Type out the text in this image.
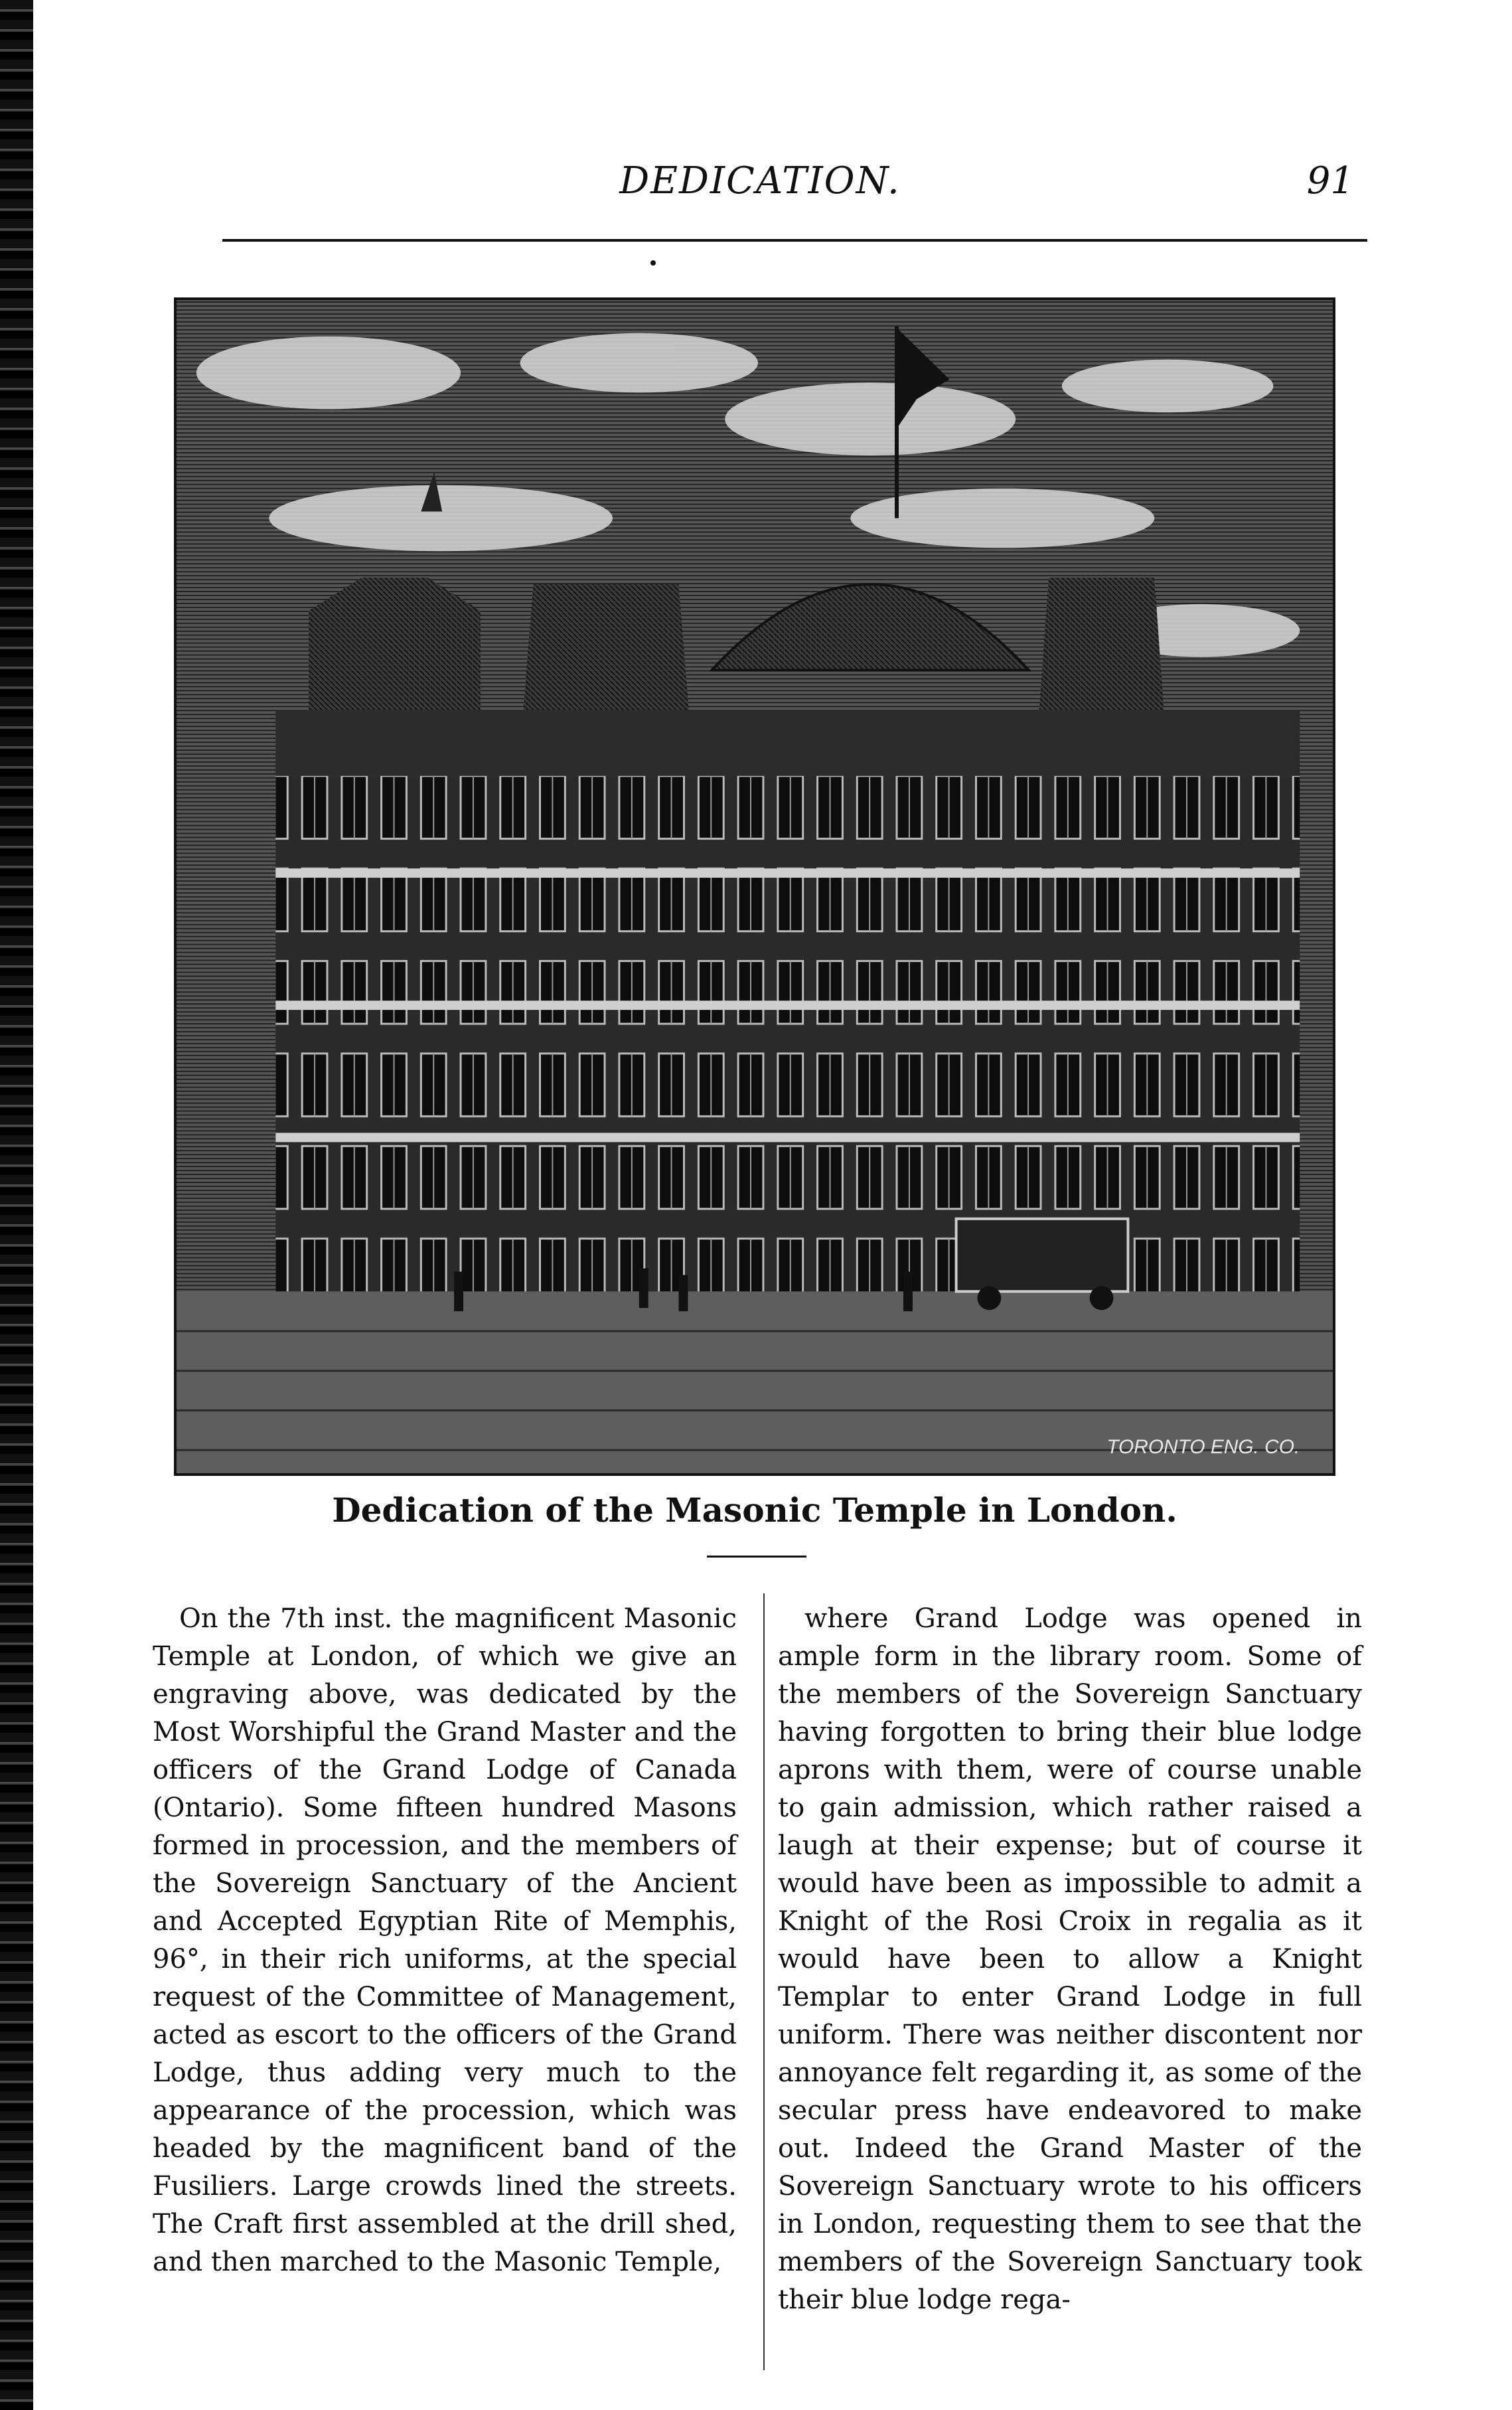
DEDICATION.	91
TORONTO ENG. CO.
Dedication of the Masonic Temple in London.

On the 7th inst. the magnificent Masonic Temple at London, of which we give an engraving above, was dedicated by the Most Worshipful the Grand Master and the officers of the Grand Lodge of Canada (Ontario). Some fifteen hundred Masons formed in procession, and the members of the Sovereign Sanctuary of the Ancient and Accepted Egyptian Rite of Memphis, 96°, in their rich uniforms, at the special request of the Committee of Management, acted as escort to the officers of the Grand Lodge, thus adding very much to the appearance of the procession, which was headed by the magnificent band of the Fusiliers. Large crowds lined the streets. The Craft first assembled at the drill shed, and then marched to the Masonic Temple,

where Grand Lodge was opened in ample form in the library room. Some of the members of the Sovereign Sanctuary having forgotten to bring their blue lodge aprons with them, were of course unable to gain admission, which rather raised a laugh at their expense; but of course it would have been as impossible to admit a Knight of the Rosi Croix in regalia as it would have been to allow a Knight Templar to enter Grand Lodge in full uniform. There was neither discontent nor annoyance felt regarding it, as some of the secular press have endeavored to make out. Indeed the Grand Master of the Sovereign Sanctuary wrote to his officers in London, requesting them to see that the members of the Sovereign Sanctuary took their blue lodge rega-
